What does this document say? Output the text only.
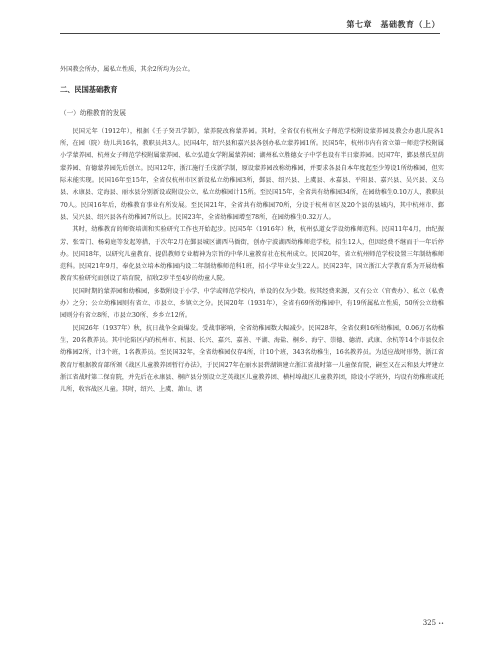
第七章　基础教育（上）

外国教会所办，属私立性质，其余2所均为公立。

二、民国基础教育
（一）幼稚教育的发展

民国元年（1912年），根据《壬子癸丑学制》，蒙养院改称蒙养园。其时，全省仅有杭州女子师范学校附设蒙养园及教会办惠儿院各1所，在园（院）幼儿共16名，教职员共3人。民国4年，绍兴县和嘉兴县各创办私立蒙养园1所。民国5年，杭州市内有省立第一师范学校附属小学蒙养园、杭州女子师范学校附属蒙养园、私立弘道女学附属蒙养园；湖州私立胜德女子中学也设有半日蒙养园。民国7年，鄞县蔡氏星荫蒙养园、育德蒙养园先后创立。民国12年，浙江施行壬戌新学制，原设蒙养园改称幼稚园，并要求各县自本年度起至少筹设1所幼稚园，但实际未能实现。民国16年至15年，全省仅杭州市区新设私立幼稚园3所，鄞县、绍兴县、上虞县、永嘉县、平阳县、嘉兴县、吴兴县、义乌县、永康县、定海县、丽水县分别新设或附设公立、私立幼稚园计15所。至民国15年，全省共有幼稚园34所，在园幼稚生0.10万人，教职员70人。民国16年后，幼稚教育事业有所发展。至民国21年，全省共有幼稚园70所，分设于杭州市区及20个县的县城内，其中杭州市、鄞县、吴兴县、绍兴县各有幼稚园7所以上。民国23年，全省幼稚园增至78所，在园幼稚生0.32万人。

其时，幼稚教育的师资培训和实验研究工作也开始起步。民国5年（1916年）秋，杭州弘道女学设幼稚师范科。民国11年4月，由纪振芳、张雪门、杨菊庭等发起筹措，于次年2月在鄞县城区湖西马衙街，创办宁波湖西幼稚师范学校，招生12人，但因经费不继而于一年后停办。民国18年，以研究儿童教育、提倡教师专业精神为宗旨的中华儿童教育社在杭州成立。民国20年，省立杭州师范学校设置三年制幼稚师范科。民国21年9月，奉化县立培本幼稚园内设二年制幼稚师范科1班，招小学毕业女生22人。民国23年，国立浙江大学教育系为开展幼稚教育实验研究而创设了培育院，招收2岁半至4岁的幼童人院。

民国时期的蒙养园和幼稚园，多数附设于小学、中学或师范学校内，单设的仅为少数。按其经费来源，又有公立（官费办）、私立（私费办）之分；公立幼稚园则有省立、市县立、乡镇立之分。民国20年（1931年），全省有69所幼稚园中，有19所属私立性质，50所公立幼稚园则分有省立8所、市县立30所、乡乡立12所。

民国26年（1937年）秋，抗日战争全面爆发。受战事影响，全省幼稚园数大幅减少。民国28年，全省仅剩16所幼稚园，0.06万名幼稚生，20名教养员。其中沦陷区内的杭州市、杭县、长兴、嘉兴、嘉善、平湖、海盐、桐乡、海宁、崇德、德清、武康、余杭等14个市县仅余幼稚园2所，计3个班，1名教养员。至民国32年，全省幼稚园仅存4所，计10个班，343名幼稚生，16名教养员。为适应战时形势，浙江省教育厅根据教育部所颁《战区儿童教养团暂行办法》，于民国27年在丽水县碧湖镇建立浙江省战时第一儿童保育院，嗣至又在云和县大坪建立浙江省战时第二保育院，并先后在永康县、桐庐县分别设立芝英战区儿童教养团、横村埠战区儿童教养团，除设小学班外，均设有幼稚班或托儿所，收容战区儿童。其时，绍兴、上虞、萧山、诸

325 ••
